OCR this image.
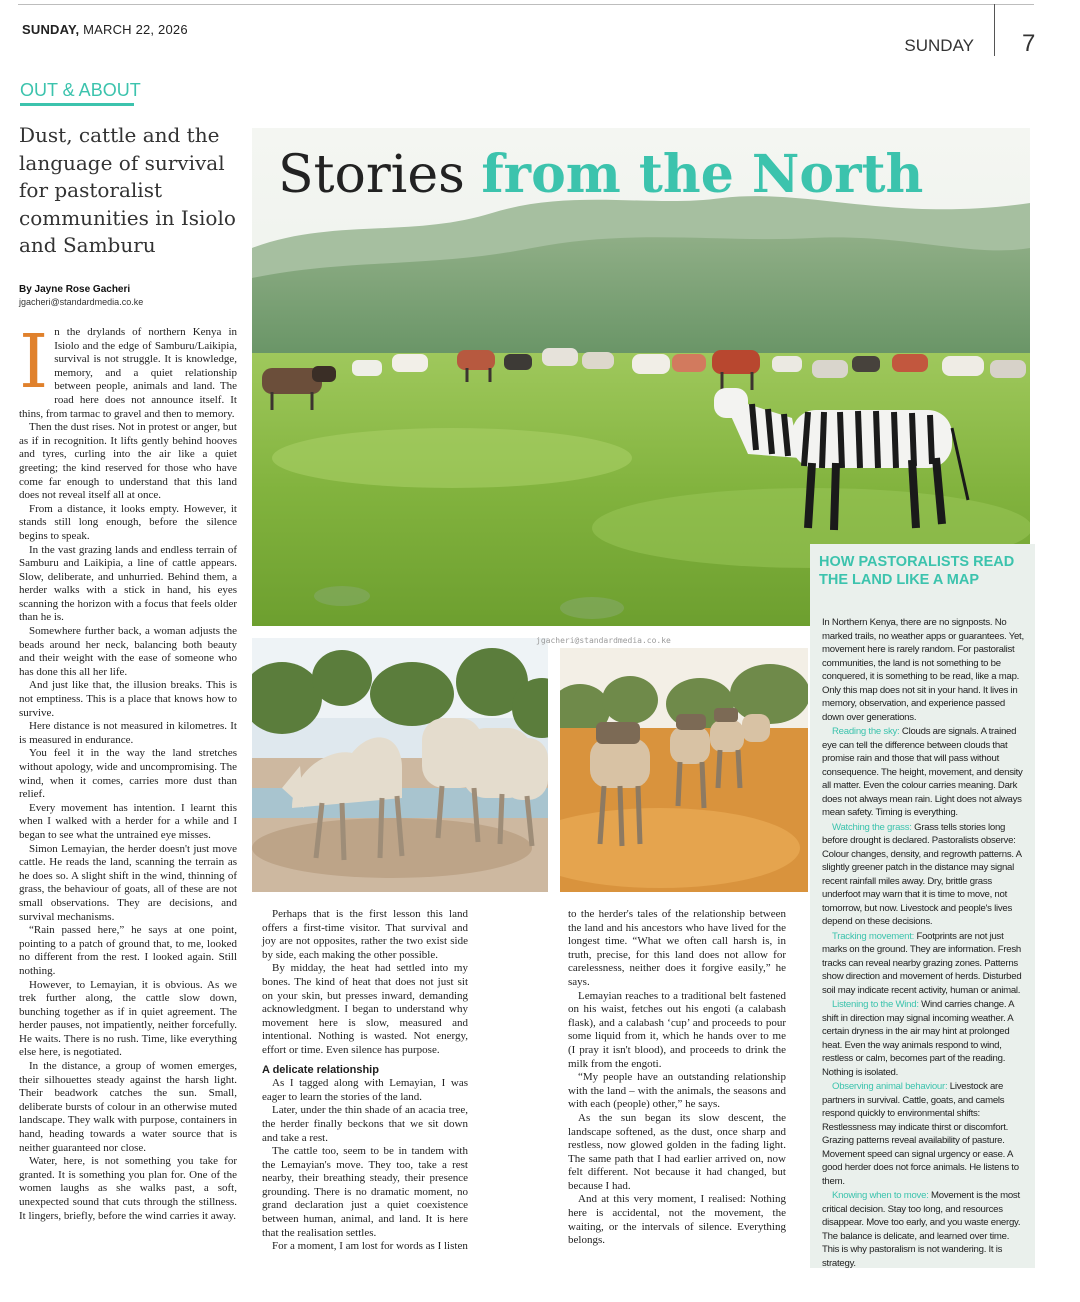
SUNDAY, MARCH 22, 2026
SUNDAY 7
OUT & ABOUT
Dust, cattle and the language of survival for pastoralist communities in Isiolo and Samburu
By Jayne Rose Gacheri
jgacheri@standardmedia.co.ke
I n the drylands of northern Kenya in Isiolo and the edge of Samburu/Laikipia, survival is not struggle. It is knowledge, memory, and a quiet relationship between people, animals and land. The road here does not announce itself. It thins, from tarmac to gravel and then to memory.

Then the dust rises. Not in protest or anger, but as if in recognition. It lifts gently behind hooves and tyres, curling into the air like a quiet greeting; the kind reserved for those who have come far enough to understand that this land does not reveal itself all at once.

From a distance, it looks empty. However, it stands still long enough, before the silence begins to speak.

In the vast grazing lands and endless terrain of Samburu and Laikipia, a line of cattle appears. Slow, deliberate, and unhurried. Behind them, a herder walks with a stick in hand, his eyes scanning the horizon with a focus that feels older than he is.

Somewhere further back, a woman adjusts the beads around her neck, balancing both beauty and their weight with the ease of someone who has done this all her life.

And just like that, the illusion breaks. This is not emptiness. This is a place that knows how to survive.

Here distance is not measured in kilometres. It is measured in endurance.

You feel it in the way the land stretches without apology, wide and uncompromising. The wind, when it comes, carries more dust than relief.

Every movement has intention. I learnt this when I walked with a herder for a while and I began to see what the untrained eye misses.

Simon Lemayian, the herder doesn't just move cattle. He reads the land, scanning the terrain as he does so. A slight shift in the wind, thinning of grass, the behaviour of goats, all of these are not small observations. They are decisions, and survival mechanisms.

“Rain passed here,” he says at one point, pointing to a patch of ground that, to me, looked no different from the rest. I looked again. Still nothing.

However, to Lemayian, it is obvious. As we trek further along, the cattle slow down, bunching together as if in quiet agreement. The herder pauses, not impatiently, neither forcefully. He waits. There is no rush. Time, like everything else here, is negotiated.

In the distance, a group of women emerges, their silhouettes steady against the harsh light. Their beadwork catches the sun. Small, deliberate bursts of colour in an otherwise muted landscape. They walk with purpose, containers in hand, heading towards a water source that is neither guaranteed nor close.

Water, here, is not something you take for granted. It is something you plan for. One of the women laughs as she walks past, a soft, unexpected sound that cuts through the stillness. It lingers, briefly, before the wind carries it away.

Stories from the North
jgacheri@standardmedia.co.ke

Perhaps that is the first lesson this land offers a first-time visitor. That survival and joy are not opposites, rather the two exist side by side, each making the other possible.

By midday, the heat had settled into my bones. The kind of heat that does not just sit on your skin, but presses inward, demanding acknowledgment. I began to understand why movement here is slow, measured and intentional. Nothing is wasted. Not energy, effort or time. Even silence has purpose.

A delicate relationship

As I tagged along with Lemayian, I was eager to learn the stories of the land.

Later, under the thin shade of an acacia tree, the herder finally beckons that we sit down and take a rest.

The cattle too, seem to be in tandem with the Lemayian's move. They too, take a rest nearby, their breathing steady, their presence grounding. There is no dramatic moment, no grand declaration just a quiet coexistence between human, animal, and land. It is here that the realisation settles.

For a moment, I am lost for words as I listen

to the herder's tales of the relationship between the land and his ancestors who have lived for the longest time. “What we often call harsh is, in truth, precise, for this land does not allow for carelessness, neither does it forgive easily,” he says.

Lemayian reaches to a traditional belt fastened on his waist, fetches out his engoti (a calabash flask), and a calabash ‘cup’ and proceeds to pour some liquid from it, which he hands over to me (I pray it isn't blood), and proceeds to drink the milk from the engoti.

“My people have an outstanding relationship with the land – with the animals, the seasons and with each (people) other,” he says.

As the sun began its slow descent, the landscape softened, as the dust, once sharp and restless, now glowed golden in the fading light. The same path that I had earlier arrived on, now felt different. Not because it had changed, but because I had.

And at this very moment, I realised: Nothing here is accidental, not the movement, the waiting, or the intervals of silence. Everything belongs.

HOW PASTORALISTS READ THE LAND LIKE A MAP

In Northern Kenya, there are no signposts. No marked trails, no weather apps or guarantees. Yet, movement here is rarely random. For pastoralist communities, the land is not something to be conquered, it is something to be read, like a map. Only this map does not sit in your hand. It lives in memory, observation, and experience passed down over generations.

Reading the sky: Clouds are signals. A trained eye can tell the difference between clouds that promise rain and those that will pass without consequence. The height, movement, and density all matter. Even the colour carries meaning. Dark does not always mean rain. Light does not always mean safety. Timing is everything.

Watching the grass: Grass tells stories long before drought is declared. Pastoralists observe: Colour changes, density, and regrowth patterns. A slightly greener patch in the distance may signal recent rainfall miles away. Dry, brittle grass underfoot may warn that it is time to move, not tomorrow, but now. Livestock and people's lives depend on these decisions.

Tracking movement: Footprints are not just marks on the ground. They are information. Fresh tracks can reveal nearby grazing zones. Patterns show direction and movement of herds. Disturbed soil may indicate recent activity, human or animal.

Listening to the Wind: Wind carries change. A shift in direction may signal incoming weather. A certain dryness in the air may hint at prolonged heat. Even the way animals respond to wind, restless or calm, becomes part of the reading. Nothing is isolated.

Observing animal behaviour: Livestock are partners in survival. Cattle, goats, and camels respond quickly to environmental shifts: Restlessness may indicate thirst or discomfort. Grazing patterns reveal availability of pasture. Movement speed can signal urgency or ease. A good herder does not force animals. He listens to them.

Knowing when to move: Movement is the most critical decision. Stay too long, and resources disappear. Move too early, and you waste energy. The balance is delicate, and learned over time. This is why pastoralism is not wandering. It is strategy.
